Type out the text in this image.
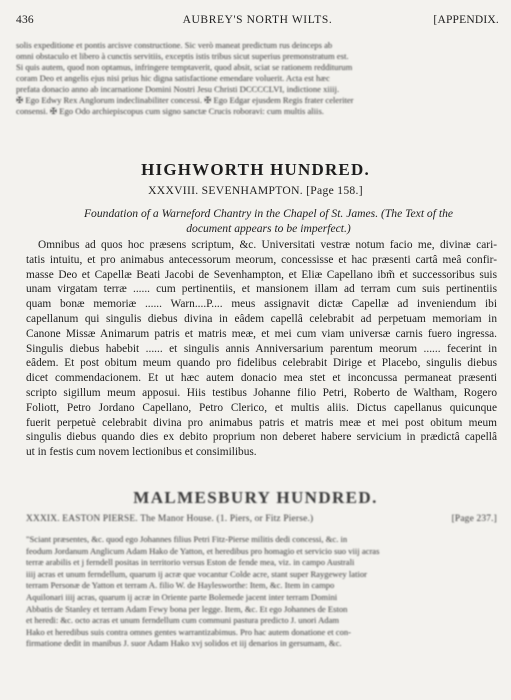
436	AUBREY'S NORTH WILTS.	[APPENDIX.
solis expeditione et pontis arcisve constructione. Sic verò maneat predictum rus deinceps ab
omni obstaculo et libero à cunctis servitiis, exceptis istis tribus sicut superius premonstratum est.
Si quis autem, quod non optamus, infringere temptaverit, quod absit, sciat se rationem redditurum
coram Deo et angelis ejus nisi prius hic digna satisfactione emendare voluerit. Acta est hæc
prefata donacio anno ab incarnatione Domini Nostri Jesu Christi DCCCCLVI, indictione xiiij.
✠ Ego Edwy Rex Anglorum indeclinabiliter concessi. ✠ Ego Edgar ejusdem Regis frater celeriter
consensi. ✠ Ego Odo archiepiscopus cum signo sanctæ Crucis roboravi: cum multis aliis.
HIGHWORTH HUNDRED.
XXXVIII. SEVENHAMPTON. [Page 158.]
Foundation of a Warneford Chantry in the Chapel of St. James. (The Text of the
document appears to be imperfect.)
Omnibus ad quos hoc præsens scriptum, &c. Universitati vestræ notum facio me, divinæ cari-
tatis intuitu, et pro animabus antecessorum meorum, concessisse et hac præsenti cartâ meâ confir-
masse Deo et Capellæ Beati Jacobi de Sevenhampton, et Eliæ Capellano ibm̃ et successoribus suis
unam virgatam terræ ...... cum pertinentiis, et mansionem illam ad terram cum suis pertinentiis
quam bonæ memoriæ ...... Warn....P.... meus assignavit dictæ Capellæ ad inveniendum ibi
capellanum qui singulis diebus divina in eâdem capellâ celebrabit ad perpetuam memoriam in
Canone Missæ Animarum patris et matris meæ, et mei cum viam universæ carnis fuero ingressa.
Singulis diebus habebit ...... et singulis annis Anniversarium parentum meorum ...... fecerint in
eâdem. Et post obitum meum quando pro fidelibus celebrabit Dirige et Placebo, singulis diebus
dicet commendacionem. Et ut hæc autem donacio mea stet et inconcussa permaneat præsenti
scripto sigillum meum apposui. Hiis testibus Johanne filio Petri, Roberto de Waltham, Rogero
Foliott, Petro Jordano Capellano, Petro Clerico, et multis aliis. Dictus capellanus quicunque
fuerit perpetuè celebrabit divina pro animabus patris et matris meæ et mei post obitum meum
singulis diebus quando dies ex debito proprium non deberet habere servicium in prædictâ capellâ
ut in festis cum novem lectionibus et consimilibus.
MALMESBURY HUNDRED.
XXXIX. EASTON PIERSE. The Manor House. (1. Piers, or Fitz Pierse.)	[Page 237.]
"Sciant præsentes, &c. quod ego Johannes filius Petri Fitz-Pierse militis dedi concessi, &c. in
feodum Jordanum Anglicum Adam Hako de Yatton, et heredibus pro homagio et servicio suo viij acras
terræ arabilis et j ferndell positas in territorio versus Eston de fende mea, viz. in campo Australi
iiij acras et unum ferndellum, quarum ij acræ que vocantur Colde acre, stant super Raygewey latior
terram Personæ de Yatton et terram A. filio W. de Haylesworthe: Item, &c. Item in campo
Aquilonari iiij acras, quarum ij acræ in Oriente parte Bolemede jacent inter terram Domini
Abbatis de Stanley et terram Adam Fewy bona per legge. Item, &c. Et ego Johannes de Eston
et heredi: &c. octo acras et unum ferndellum cum communi pastura predicto J. unori Adam
Hako et heredibus suis contra omnes gentes warrantizabimus. Pro hac autem donatione et con-
firmatione dedit in manibus J. suor Adam Hako xvj solidos et iij denarios in gersumam, &c.
